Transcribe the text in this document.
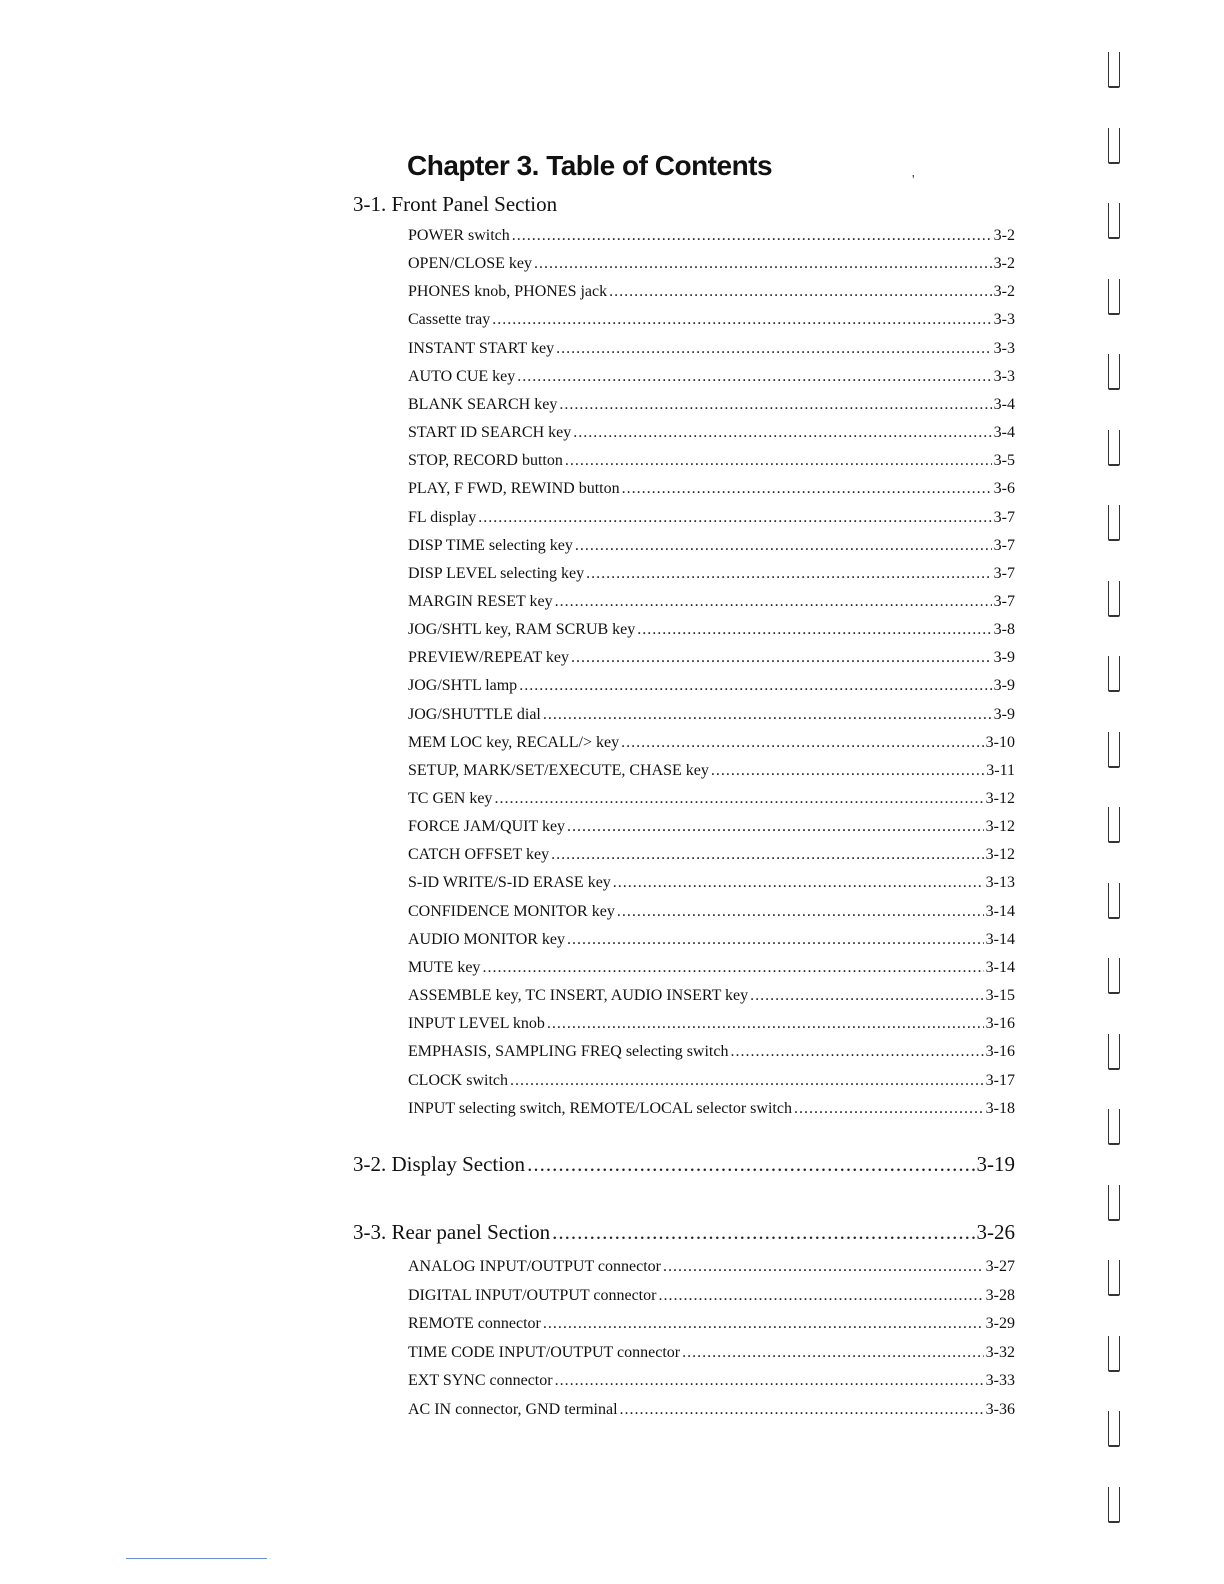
Chapter 3. Table of Contents	'
3-1. Front Panel Section
POWER switch .....	3-2
OPEN/CLOSE key .....	3-2
PHONES knob, PHONES jack .....	3-2
Cassette tray .....	3-3
INSTANT START key .....	3-3
AUTO CUE key .....	3-3
BLANK SEARCH key .....	3-4
START ID SEARCH key .....	3-4
STOP, RECORD button .....	3-5
PLAY, F FWD, REWIND button .....	3-6
FL display .....	3-7
DISP TIME selecting key .....	3-7
DISP LEVEL selecting key .....	3-7
MARGIN RESET key .....	3-7
JOG/SHTL key, RAM SCRUB key .....	3-8
PREVIEW/REPEAT key .....	3-9
JOG/SHTL lamp .....	3-9
JOG/SHUTTLE dial .....	3-9
MEM LOC key, RECALL/> key .....	3-10
SETUP, MARK/SET/EXECUTE, CHASE key .....	3-11
TC GEN key .....	3-12
FORCE JAM/QUIT key .....	3-12
CATCH OFFSET key .....	3-12
S-ID WRITE/S-ID ERASE key .....	3-13
CONFIDENCE MONITOR key .....	3-14
AUDIO MONITOR key .....	3-14
MUTE key .....	3-14
ASSEMBLE key, TC INSERT, AUDIO INSERT key .....	3-15
INPUT LEVEL knob .....	3-16
EMPHASIS, SAMPLING FREQ selecting switch .....	3-16
CLOCK switch .....	3-17
INPUT selecting switch, REMOTE/LOCAL selector switch .....	3-18
3-2. Display Section .....	3-19
3-3. Rear panel Section .....	3-26
ANALOG INPUT/OUTPUT connector .....	3-27
DIGITAL INPUT/OUTPUT connector .....	3-28
REMOTE connector .....	3-29
TIME CODE INPUT/OUTPUT connector .....	3-32
EXT SYNC connector .....	3-33
AC IN connector, GND terminal .....	3-36
